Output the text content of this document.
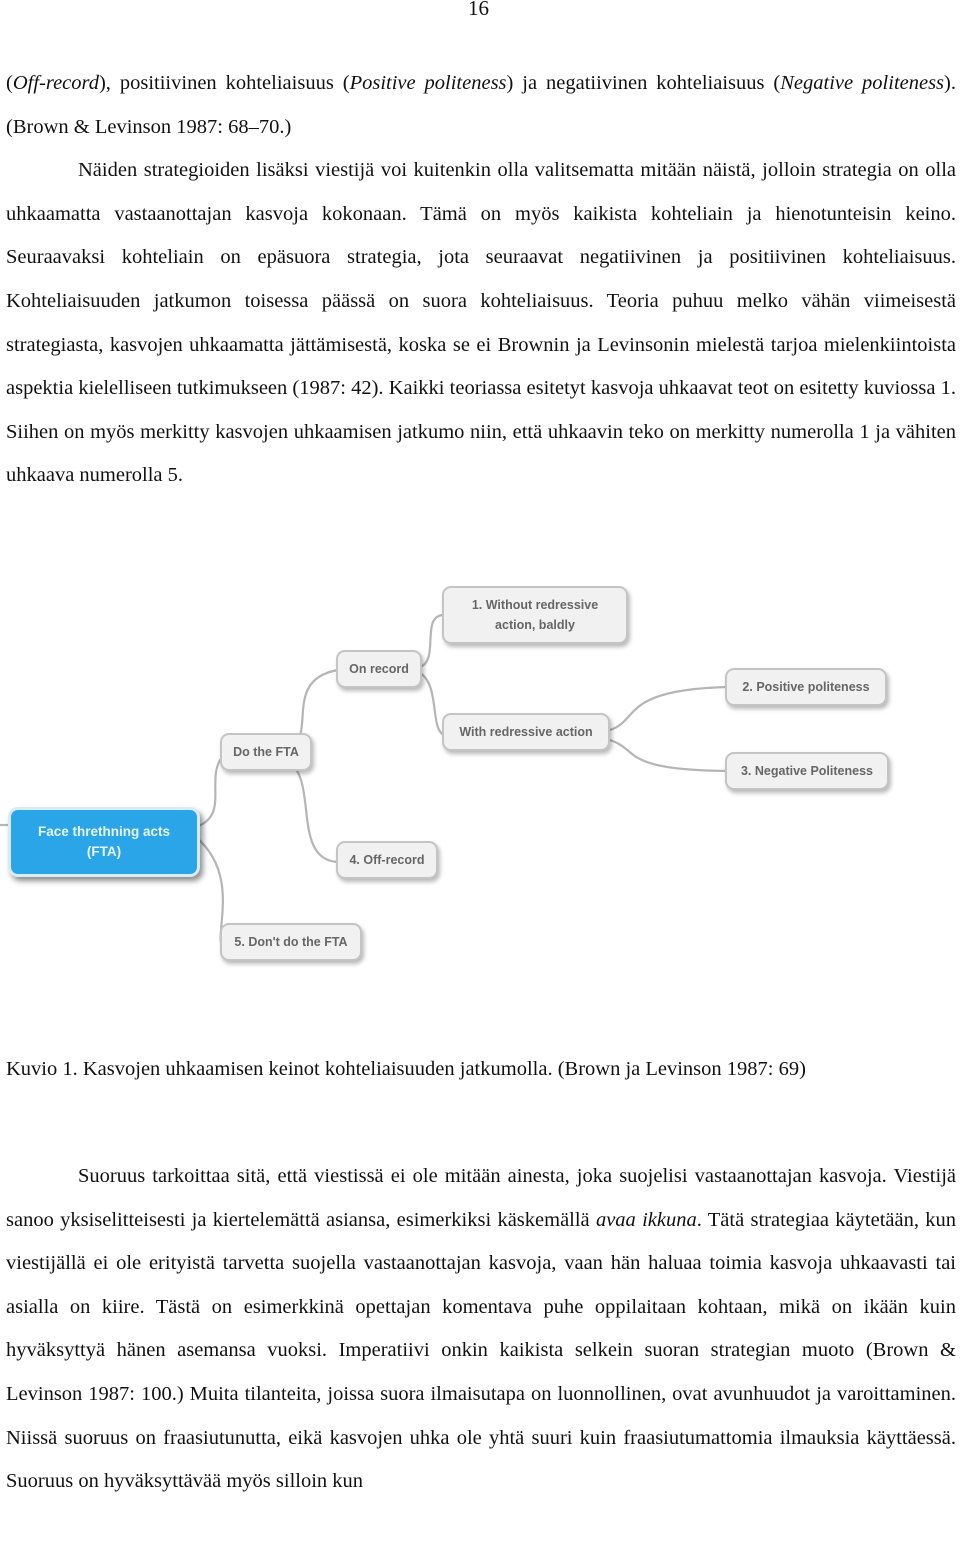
16

(Off-record), positiivinen kohteliaisuus (Positive politeness) ja negatiivinen kohteliaisuus (Negative politeness). (Brown & Levinson 1987: 68–70.)
Näiden strategioiden lisäksi viestijä voi kuitenkin olla valitsematta mitään näistä, jolloin strategia on olla uhkaamatta vastaanottajan kasvoja kokonaan. Tämä on myös kaikista kohteliain ja hienotunteisin keino. Seuraavaksi kohteliain on epäsuora strategia, jota seuraavat negatiivinen ja positiivinen kohteliaisuus. Kohteliaisuuden jatkumon toisessa päässä on suora kohteliaisuus. Teoria puhuu melko vähän viimeisestä strategiasta, kasvojen uhkaamatta jättämisestä, koska se ei Brownin ja Levinsonin mielestä tarjoa mielenkiintoista aspektia kielelliseen tutkimukseen (1987: 42). Kaikki teoriassa esitetyt kasvoja uhkaavat teot on esitetty kuviossa 1. Siihen on myös merkitty kasvojen uhkaamisen jatkumo niin, että uhkaavin teko on merkitty numerolla 1 ja vähiten uhkaava numerolla 5.

Face threthning acts
(FTA)
Do the FTA
On record
1. Without redressive
action, baldly
With redressive action
2. Positive politeness
3. Negative Politeness
4. Off-record
5. Don't do the FTA

Kuvio 1. Kasvojen uhkaamisen keinot kohteliaisuuden jatkumolla. (Brown ja Levinson 1987: 69)

Suoruus tarkoittaa sitä, että viestissä ei ole mitään ainesta, joka suojelisi vastaanottajan kasvoja. Viestijä sanoo yksiselitteisesti ja kiertelemättä asiansa, esimerkiksi käskemällä avaa ikkuna. Tätä strategiaa käytetään, kun viestijällä ei ole erityistä tarvetta suojella vastaanottajan kasvoja, vaan hän haluaa toimia kasvoja uhkaavasti tai asialla on kiire. Tästä on esimerkkinä opettajan komentava puhe oppilaitaan kohtaan, mikä on ikään kuin hyväksyttyä hänen asemansa vuoksi. Imperatiivi onkin kaikista selkein suoran strategian muoto (Brown & Levinson 1987: 100.) Muita tilanteita, joissa suora ilmaisutapa on luonnollinen, ovat avunhuudot ja varoittaminen. Niissä suoruus on fraasiutunutta, eikä kasvojen uhka ole yhtä suuri kuin fraasiutumattomia ilmauksia käyttäessä. Suoruus on hyväksyttävää myös silloin kun
